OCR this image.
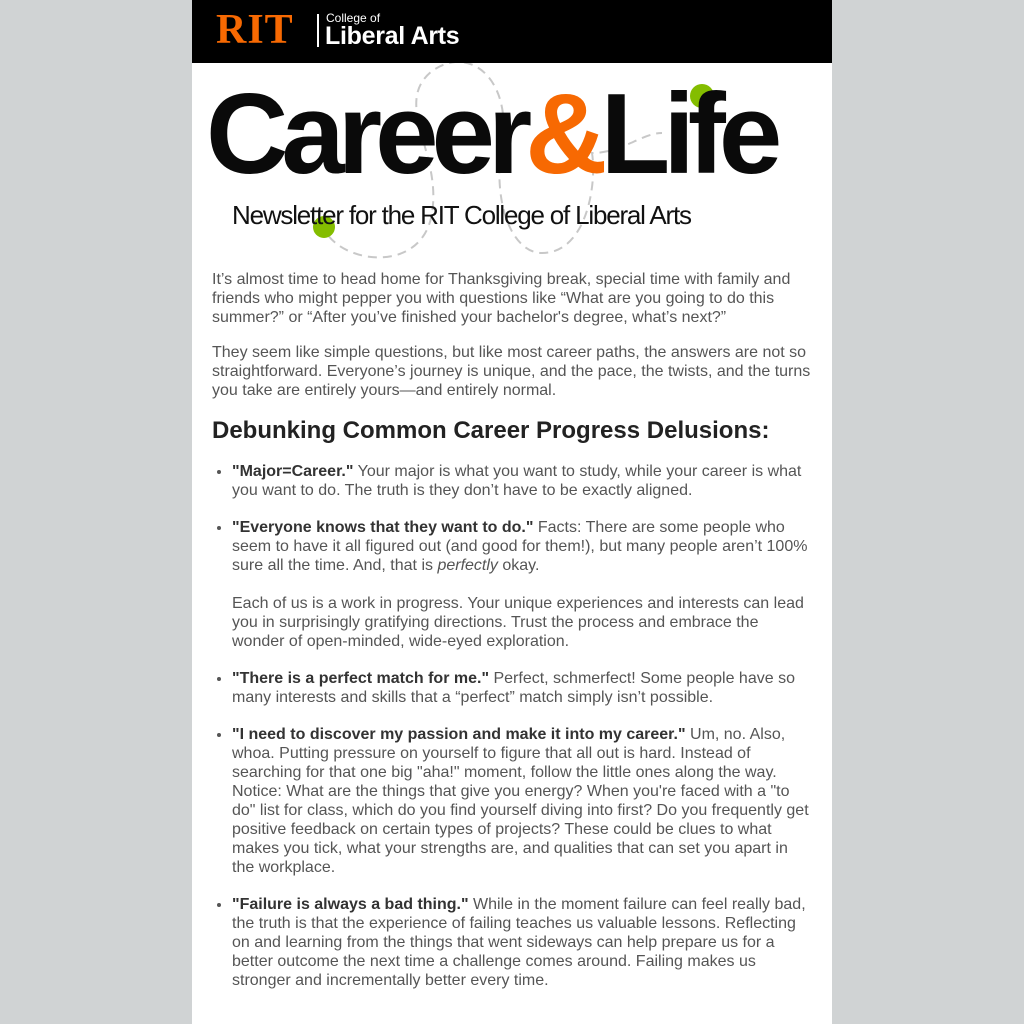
RIT	College of
Liberal Arts
Career&Life
Newsletter for the RIT College of Liberal Arts

It’s almost time to head home for Thanksgiving break, special time with family and friends who might pepper you with questions like “What are you going to do this summer?” or “After you’ve finished your bachelor's degree, what’s next?”

They seem like simple questions, but like most career paths, the answers are not so straightforward. Everyone’s journey is unique, and the pace, the twists, and the turns you take are entirely yours—and entirely normal.

Debunking Common Career Progress Delusions:
• "Major=Career." Your major is what you want to study, while your career is what you want to do. The truth is they don’t have to be exactly aligned.
• "Everyone knows that they want to do." Facts: There are some people who seem to have it all figured out (and good for them!), but many people aren’t 100% sure all the time. And, that is perfectly okay.

Each of us is a work in progress. Your unique experiences and interests can lead you in surprisingly gratifying directions. Trust the process and embrace the wonder of open-minded, wide-eyed exploration.
• "There is a perfect match for me." Perfect, schmerfect! Some people have so many interests and skills that a “perfect” match simply isn’t possible.
• "I need to discover my passion and make it into my career." Um, no. Also, whoa. Putting pressure on yourself to figure that all out is hard. Instead of searching for that one big "aha!" moment, follow the little ones along the way. Notice: What are the things that give you energy? When you're faced with a "to do" list for class, which do you find yourself diving into first? Do you frequently get positive feedback on certain types of projects? These could be clues to what makes you tick, what your strengths are, and qualities that can set you apart in the workplace.
• "Failure is always a bad thing." While in the moment failure can feel really bad, the truth is that the experience of failing teaches us valuable lessons. Reflecting on and learning from the things that went sideways can help prepare us for a better outcome the next time a challenge comes around. Failing makes us stronger and incrementally better every time.
